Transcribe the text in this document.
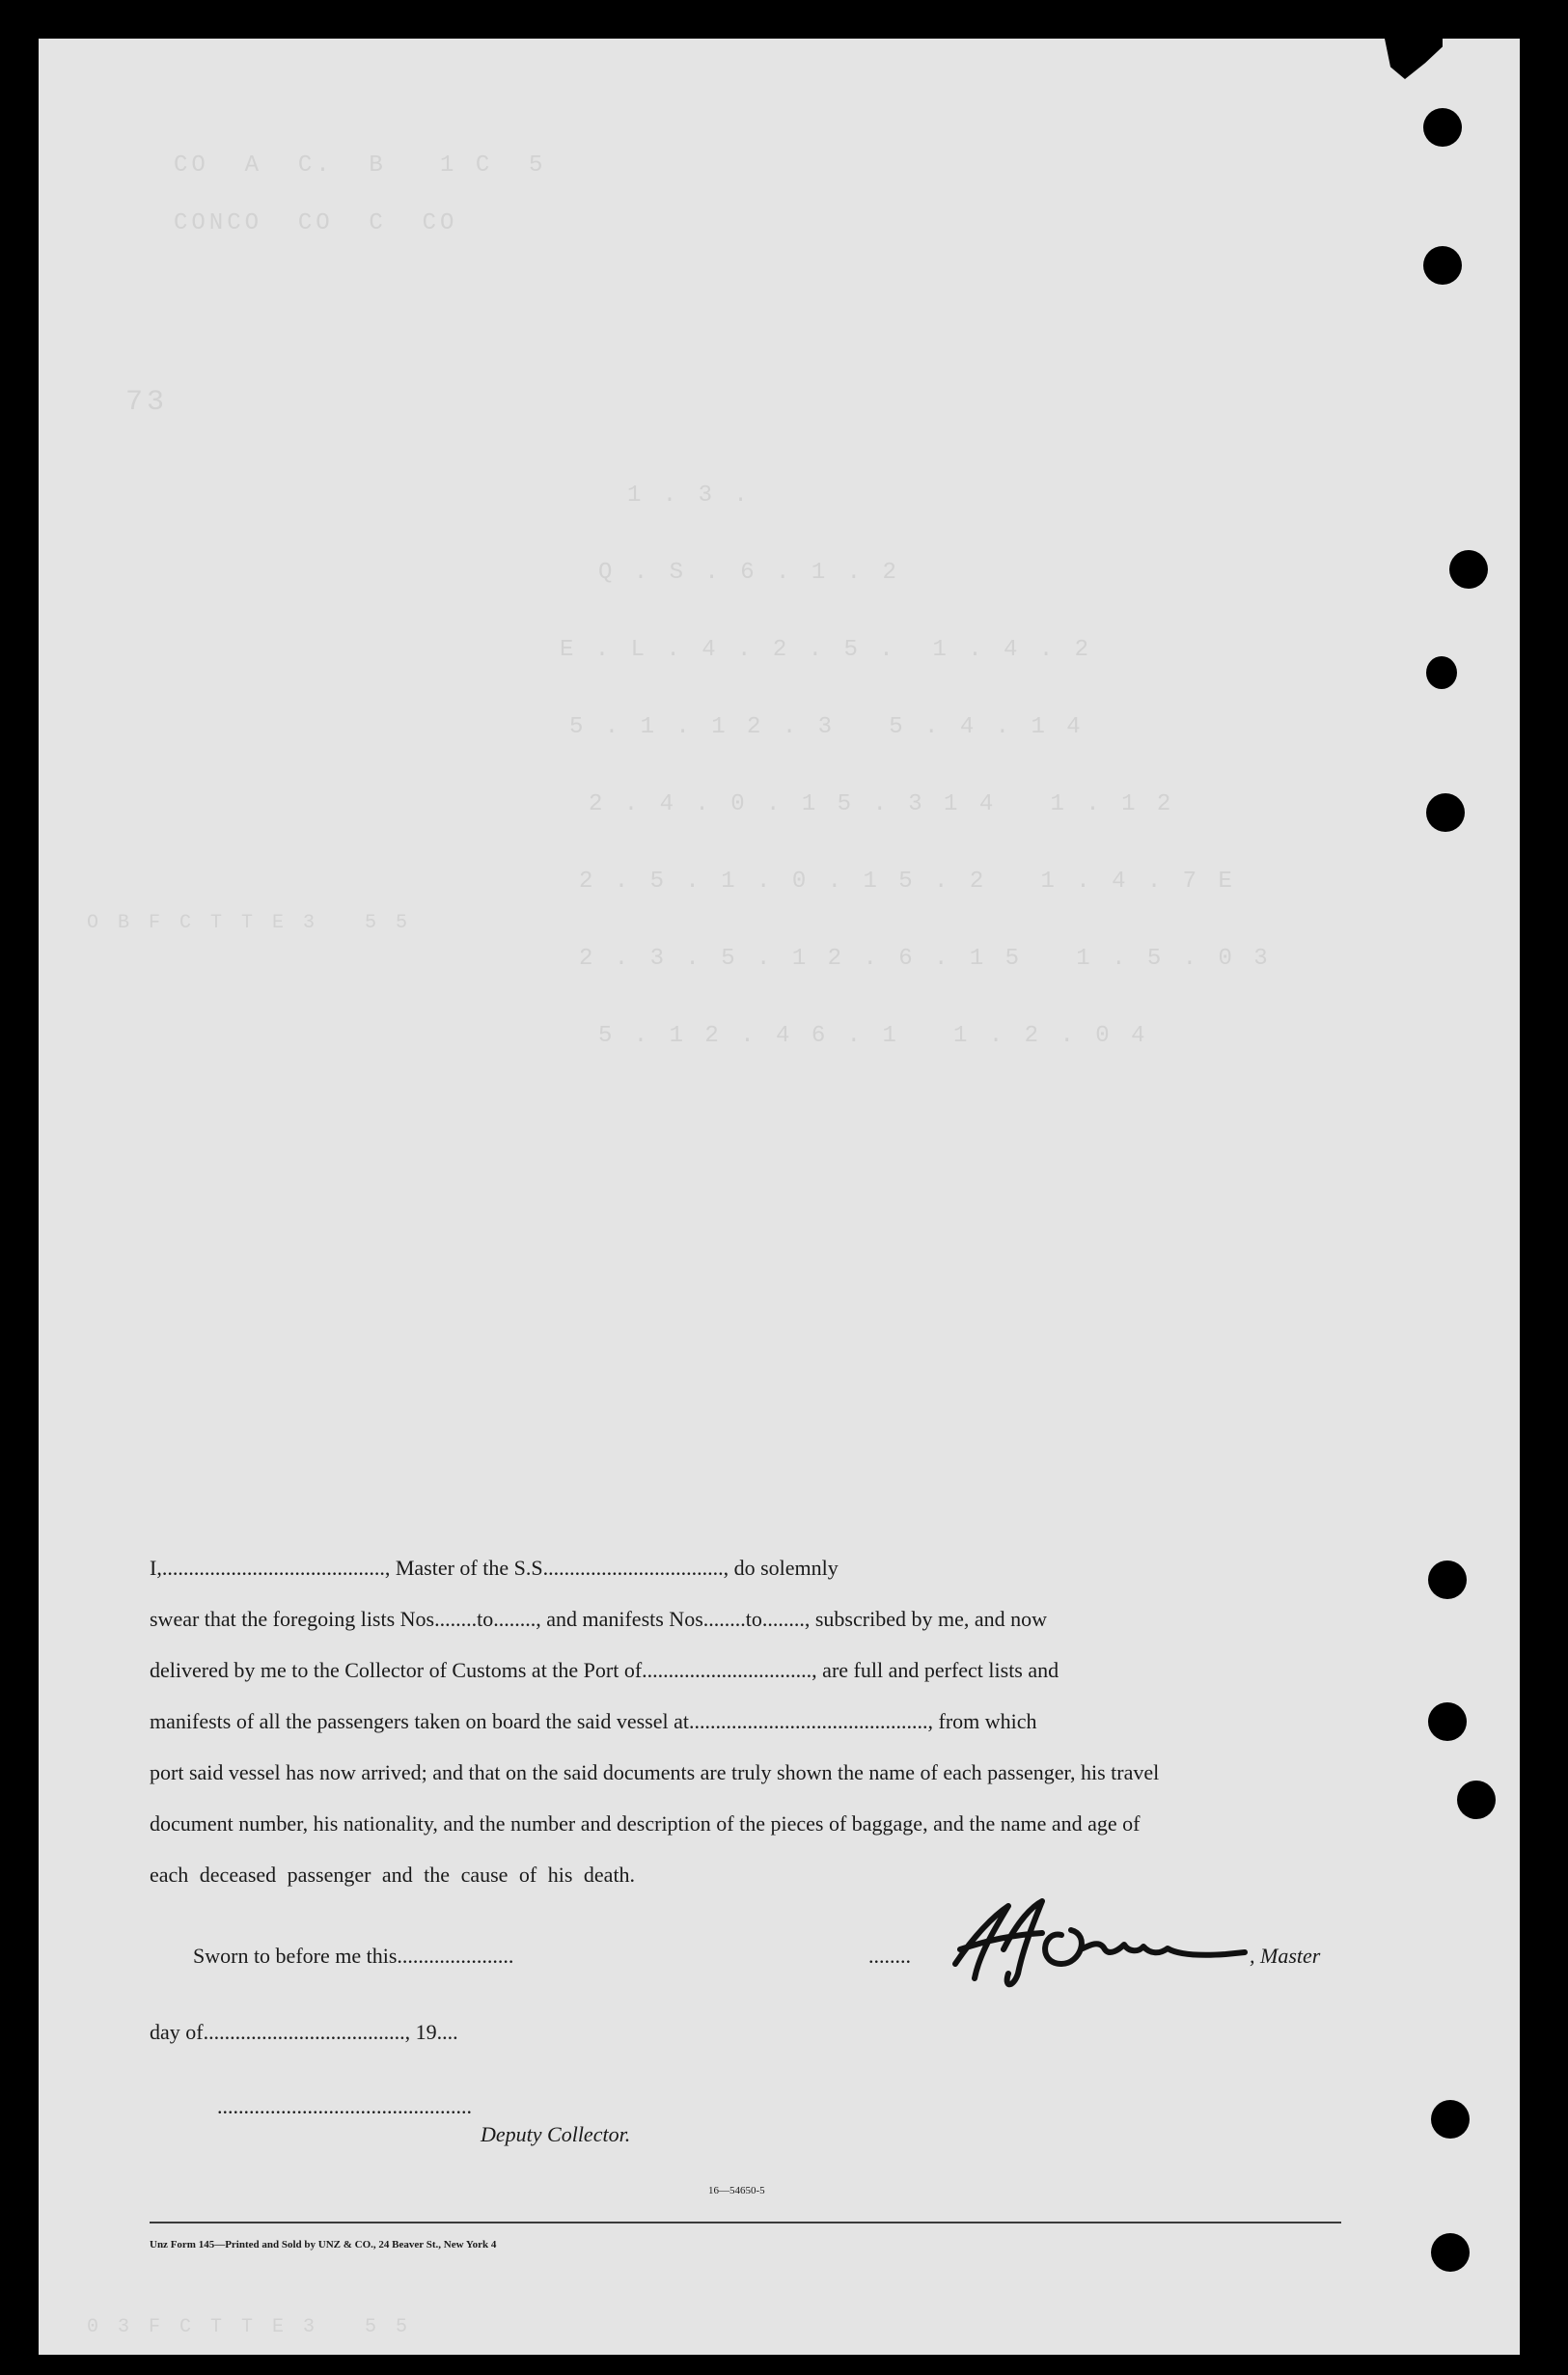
CO  A  C.  B   1 C  5
CONCO  CO  C  CO
73
1 . 3 .
Q . S . 6 . 1 . 2
E . L . 4 . 2 . 5 .  1 . 4 . 2
5 . 1 . 1 2 . 3   5 . 4 . 1 4
2 . 4 . 0 . 1 5 . 3 1 4   1 . 1 2
2 . 5 . 1 . 0 . 1 5 . 2   1 . 4 . 7 E
2 . 3 . 5 . 1 2 . 6 . 1 5   1 . 5 . 0 3
5 . 1 2 . 4 6 . 1   1 . 2 . 0 4
O B F C T T E 3   5 5
0 3 F C T T E 3   5 5
I,.........................................., Master of the S.S.................................., do solemnly
swear that the foregoing lists Nos........to........, and manifests Nos........to........, subscribed by me, and now
delivered by me to the Collector of Customs at the Port of................................, are full and perfect lists and
manifests of all the passengers taken on board the said vessel at............................................., from which
port said vessel has now arrived; and that on the said documents are truly shown the name of each passenger, his travel
document number, his nationality, and the number and description of the pieces of baggage, and the name and age of
each deceased passenger and the cause of his death.
Sworn to before me this......................
day of......................................, 19....
................................................
Deputy Collector.
........	, Master
16—54650-5
Unz Form 145—Printed and Sold by UNZ & CO., 24 Beaver St., New York 4
